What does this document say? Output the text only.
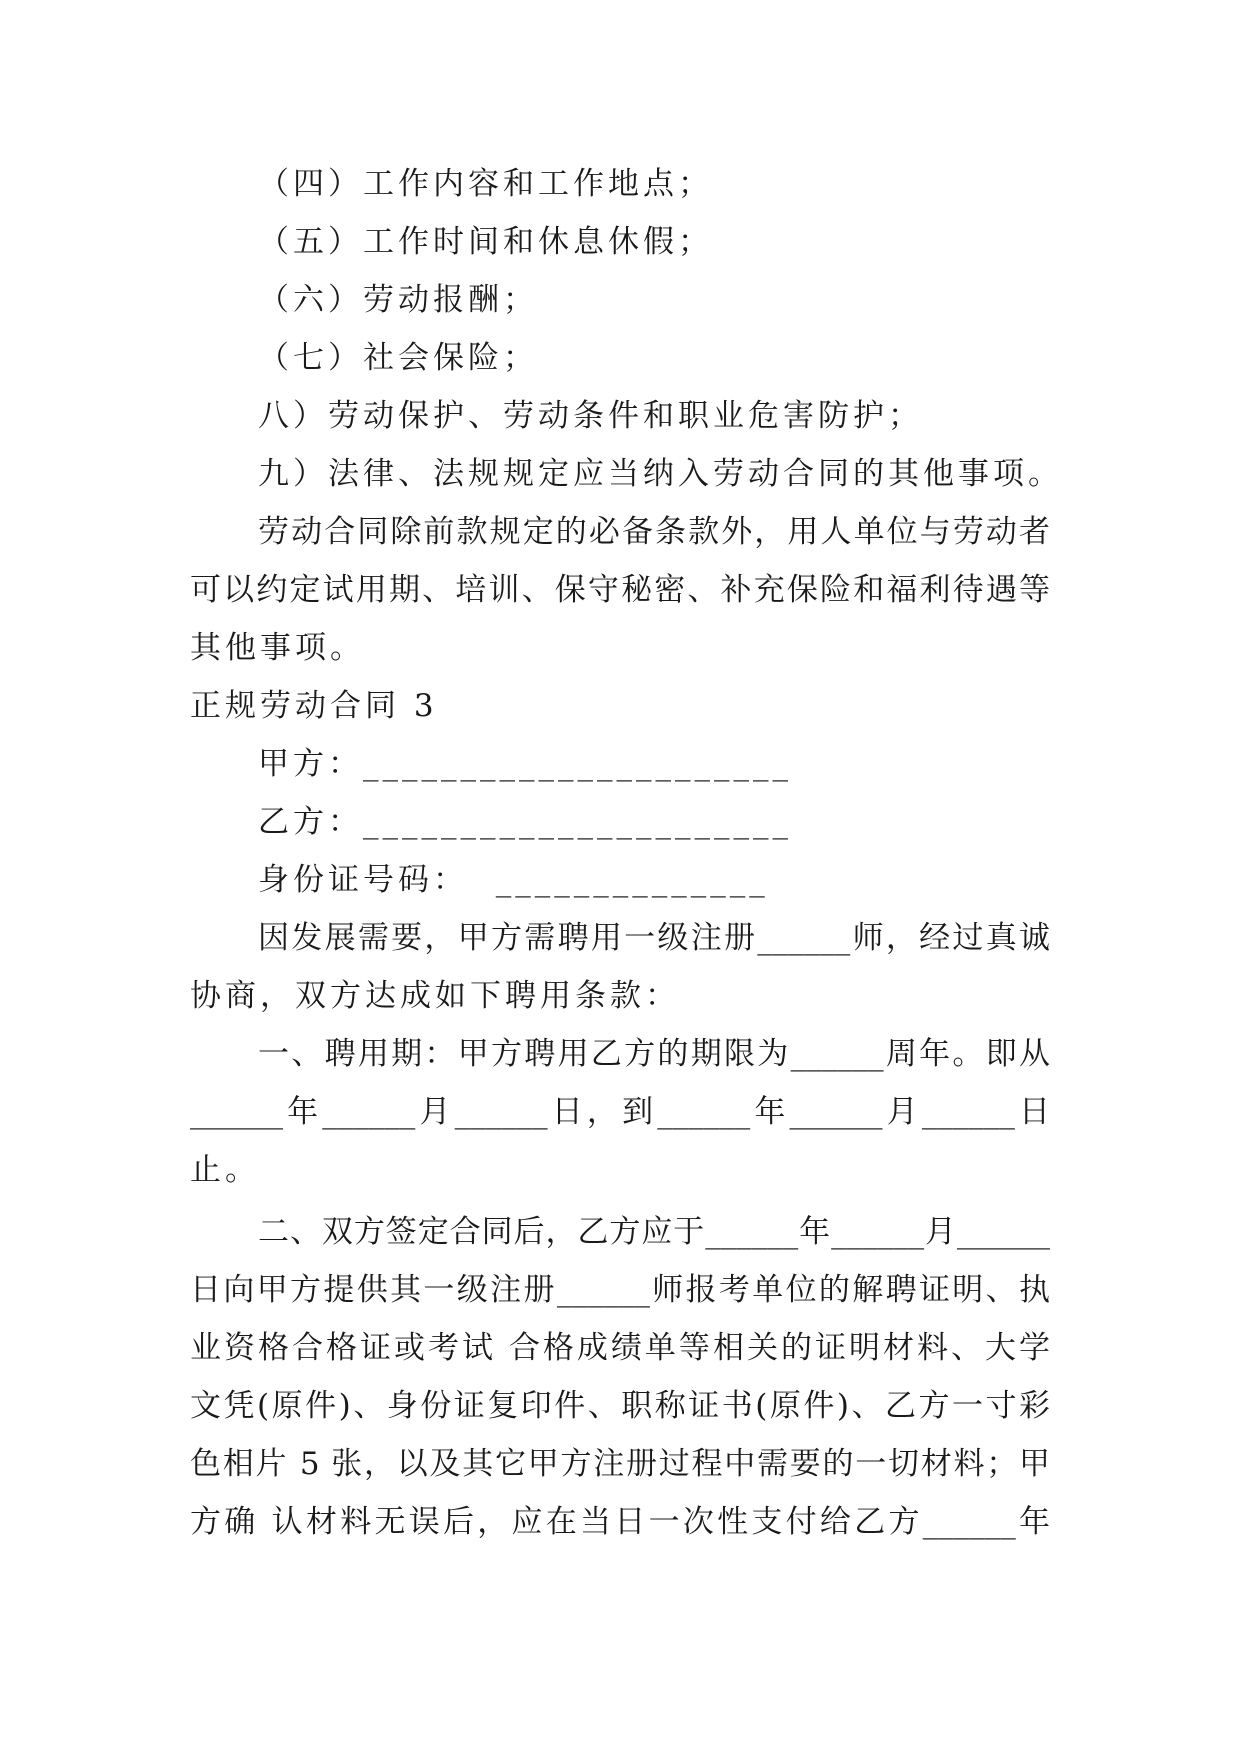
（四）工作内容和工作地点；
（五）工作时间和休息休假；
（六）劳动报酬；
（七）社会保险；
八）劳动保护、劳动条件和职业危害防护；
九）法律、法规规定应当纳入劳动合同的其他事项。
劳动合同除前款规定的必备条款外，用人单位与劳动者
可以约定试用期、培训、保守秘密、补充保险和福利待遇等
其他事项。
正规劳动合同 3
甲方：______________________
乙方：______________________
身份证号码：  ______________
因发展需要，甲方需聘用一级注册______师，经过真诚
协商，双方达成如下聘用条款：
一、聘用期：甲方聘用乙方的期限为______周年。即从
______年______月______日，到______年______月______日
止。
二、双方签定合同后，乙方应于______年______月______
日向甲方提供其一级注册______师报考单位的解聘证明、执
业资格合格证或考试 合格成绩单等相关的证明材料、大学
文凭(原件)、身份证复印件、职称证书(原件)、乙方一寸彩
色相片 5 张，以及其它甲方注册过程中需要的一切材料；甲
方确 认材料无误后，应在当日一次性支付给乙方______年
